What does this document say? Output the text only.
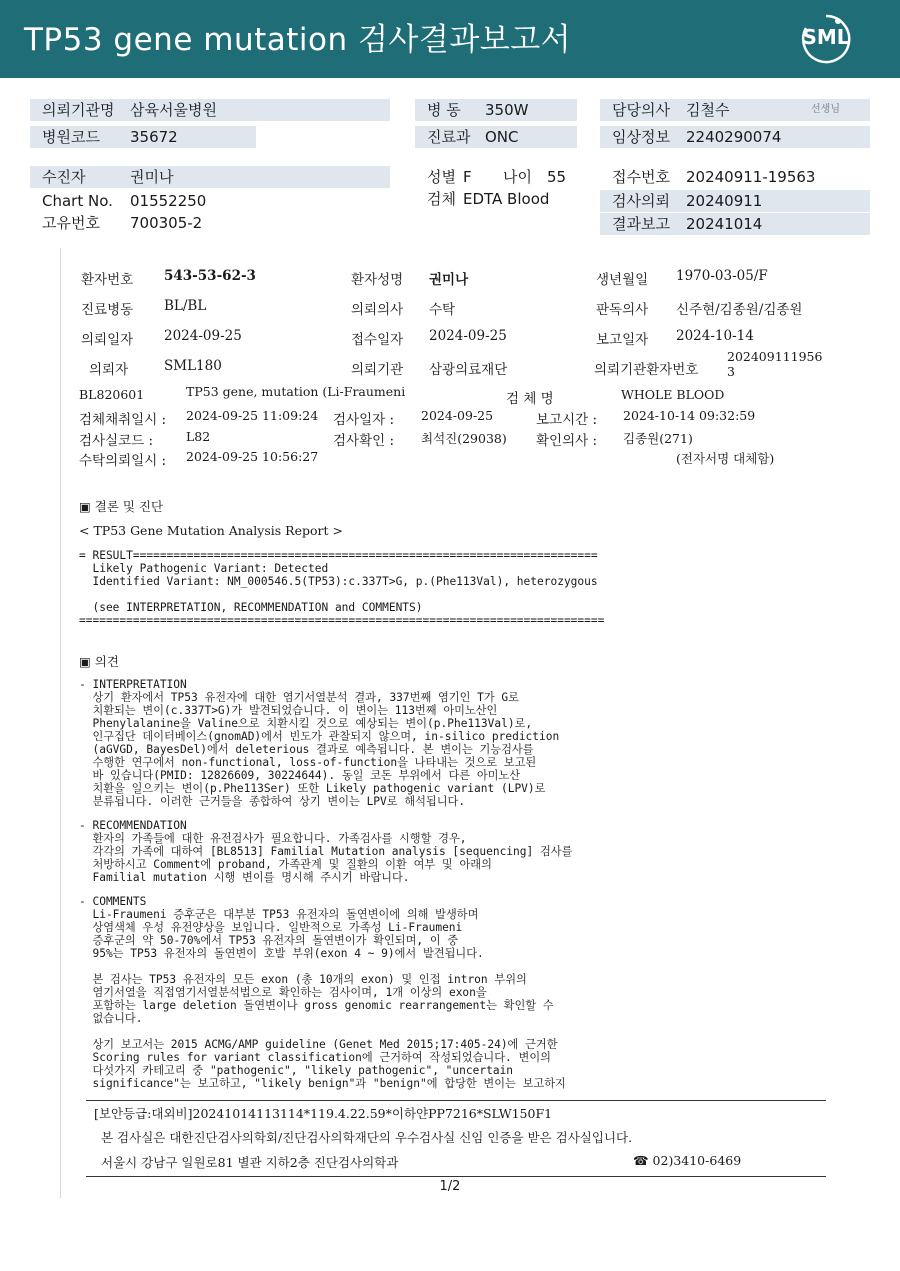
TP53 gene mutation 검사결과보고서	SML
의뢰기관명 삼육서울병원
병원코드 35672
병 동 350W
진료과 ONC
담당의사 김철수	선생님
임상정보 2240290074
수진자	권미나
Chart No. 01552250
고유번호 700305-2
성별 F 나이 55
검체 EDTA Blood
접수번호 20240911-19563
검사의뢰 20240911
결과보고 20241014
환자번호 543-53-62-3	환자성명 권미나	생년월일 1970-03-05/F
진료병동 BL/BL	의뢰의사 수탁	판독의사 신주현/김종원/김종원
의뢰일자 2024-09-25	접수일자 2024-09-25	보고일자 2024-10-14
의뢰자	SML180	의뢰기관 삼광의료재단	의뢰기관환자번호
202409111956
3
BL820601	TP53 gene, mutation (Li-Fraumeni	검 체 명	WHOLE BLOOD
검체채취일시 : 2024-09-25 11:09:24 검사일자 : 2024-09-25	보고시간 : 2024-10-14 09:32:59
검사실코드 :	L82	검사확인 : 최석진(29038) 확인의사 : 김종원(271)
수탁의뢰일시 : 2024-09-25 10:56:27	(전자서명 대체함)
▣ 결론 및 진단
< TP53 Gene Mutation Analysis Report >
= RESULT=====================================================================
Likely Pathogenic Variant: Detected
Identified Variant: NM_000546.5(TP53):c.337T>G, p.(Phe113Val), heterozygous

(see INTERPRETATION, RECOMMENDATION and COMMENTS)
==============================================================================
▣ 의견
- INTERPRETATION
상기 환자에서 TP53 유전자에 대한 염기서열분석 결과, 337번째 염기인 T가 G로
치환되는 변이(c.337T>G)가 발견되었습니다. 이 변이는 113번째 아미노산인
Phenylalanine을 Valine으로 치환시킬 것으로 예상되는 변이(p.Phe113Val)로,
인구집단 데이터베이스(gnomAD)에서 빈도가 관찰되지 않으며, in-silico prediction
(aGVGD, BayesDel)에서 deleterious 결과로 예측됩니다. 본 변이는 기능검사를
수행한 연구에서 non-functional, loss-of-function을 나타내는 것으로 보고된
바 있습니다(PMID: 12826609, 30224644). 동일 코돈 부위에서 다른 아미노산
치환을 일으키는 변이(p.Phe113Ser) 또한 Likely pathogenic variant (LPV)로
분류됩니다. 이러한 근거들을 종합하여 상기 변이는 LPV로 해석됩니다.
- RECOMMENDATION
환자의 가족들에 대한 유전검사가 필요합니다. 가족검사를 시행할 경우,
각각의 가족에 대하여 [BL8513] Familial Mutation analysis [sequencing] 검사를
처방하시고 Comment에 proband, 가족관계 및 질환의 이환 여부 및 아래의
Familial mutation 시행 변이를 명시해 주시기 바랍니다.
- COMMENTS
Li-Fraumeni 증후군은 대부분 TP53 유전자의 돌연변이에 의해 발생하며
상염색체 우성 유전양상을 보입니다. 일반적으로 가족성 Li-Fraumeni
증후군의 약 50-70%에서 TP53 유전자의 돌연변이가 확인되며, 이 중
95%는 TP53 유전자의 돌연변이 호발 부위(exon 4 ~ 9)에서 발견됩니다.

본 검사는 TP53 유전자의 모든 exon (총 10개의 exon) 및 인접 intron 부위의
염기서열을 직접염기서열분석법으로 확인하는 검사이며, 1개 이상의 exon을
포함하는 large deletion 돌연변이나 gross genomic rearrangement는 확인할 수
없습니다.

상기 보고서는 2015 ACMG/AMP guideline (Genet Med 2015;17:405-24)에 근거한
Scoring rules for variant classification에 근거하여 작성되었습니다. 변이의
다섯가지 카테고리 중 "pathogenic", "likely pathogenic", "uncertain
significance"는 보고하고, "likely benign"과 "benign"에 합당한 변이는 보고하지
[보안등급:대외비]20241014113114*119.4.22.59*이하얀PP7216*SLW150F1
본 검사실은 대한진단검사의학회/진단검사의학재단의 우수검사실 신임 인증을 받은 검사실입니다.
서울시 강남구 일원로81 별관 지하2층 진단검사의학과	☎ 02)3410-6469
1/2
